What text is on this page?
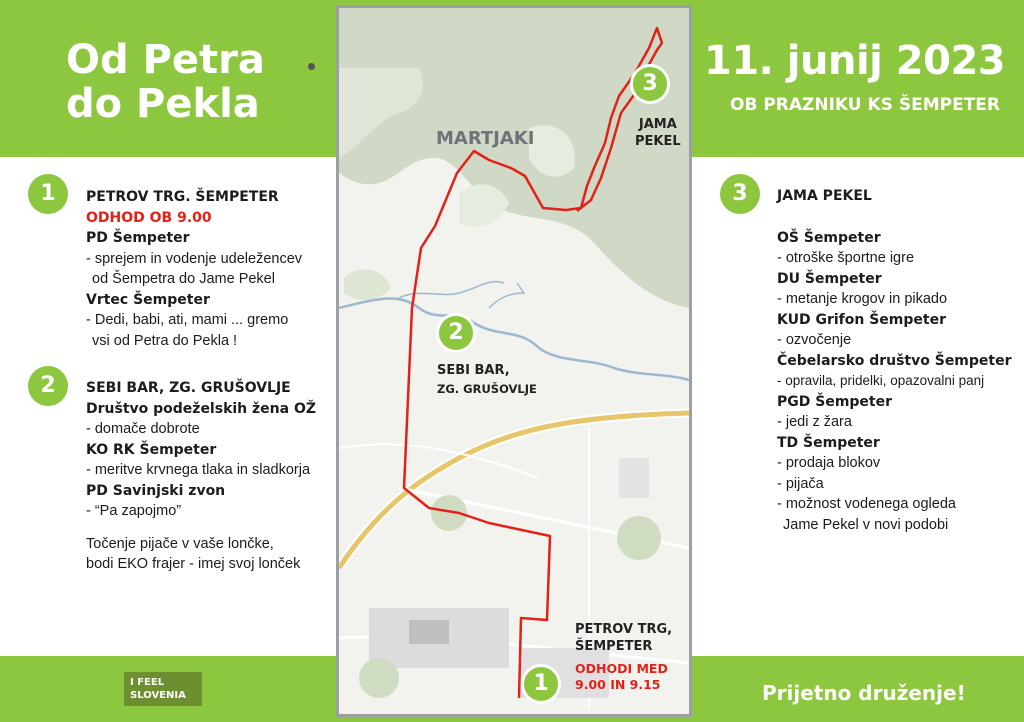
Od Petra
do Pekla
11. junij 2023
OB PRAZNIKU KS ŠEMPETER
1	PETROV TRG. ŠEMPETER
ODHOD OB 9.00
PD Šempeter
- sprejem in vodenje udeležencev
od Šempetra do Jame Pekel
Vrtec Šempeter
- Dedi, babi, ati, mami ... gremo
vsi od Petra do Pekla !
2	SEBI BAR, ZG. GRUŠOVLJE
Društvo podeželskih žena OŽ
- domače dobrote
KO RK Šempeter
- meritve krvnega tlaka in sladkorja
PD Savinjski zvon
- “Pa zapojmo”
Točenje pijače v vaše lončke,
bodi EKO frajer - imej svoj lonček
MARTJAKI
3
JAMA
PEKEL
2
SEBI BAR,
ZG. GRUŠOVLJE
PETROV TRG,
ŠEMPETER
1
ODHODI MED
9.00 IN 9.15
3	JAMA PEKEL
OŠ Šempeter
- otroške športne igre
DU Šempeter
- metanje krogov in pikado
KUD Grifon Šempeter
- ozvočenje
Čebelarsko društvo Šempeter
- opravila, pridelki, opazovalni panj
PGD Šempeter
- jedi z žara
TD Šempeter
- prodaja blokov
- pijača
- možnost vodenega ogleda
Jame Pekel v novi podobi
I FEEL
SLOVENIA	Prijetno druženje!
